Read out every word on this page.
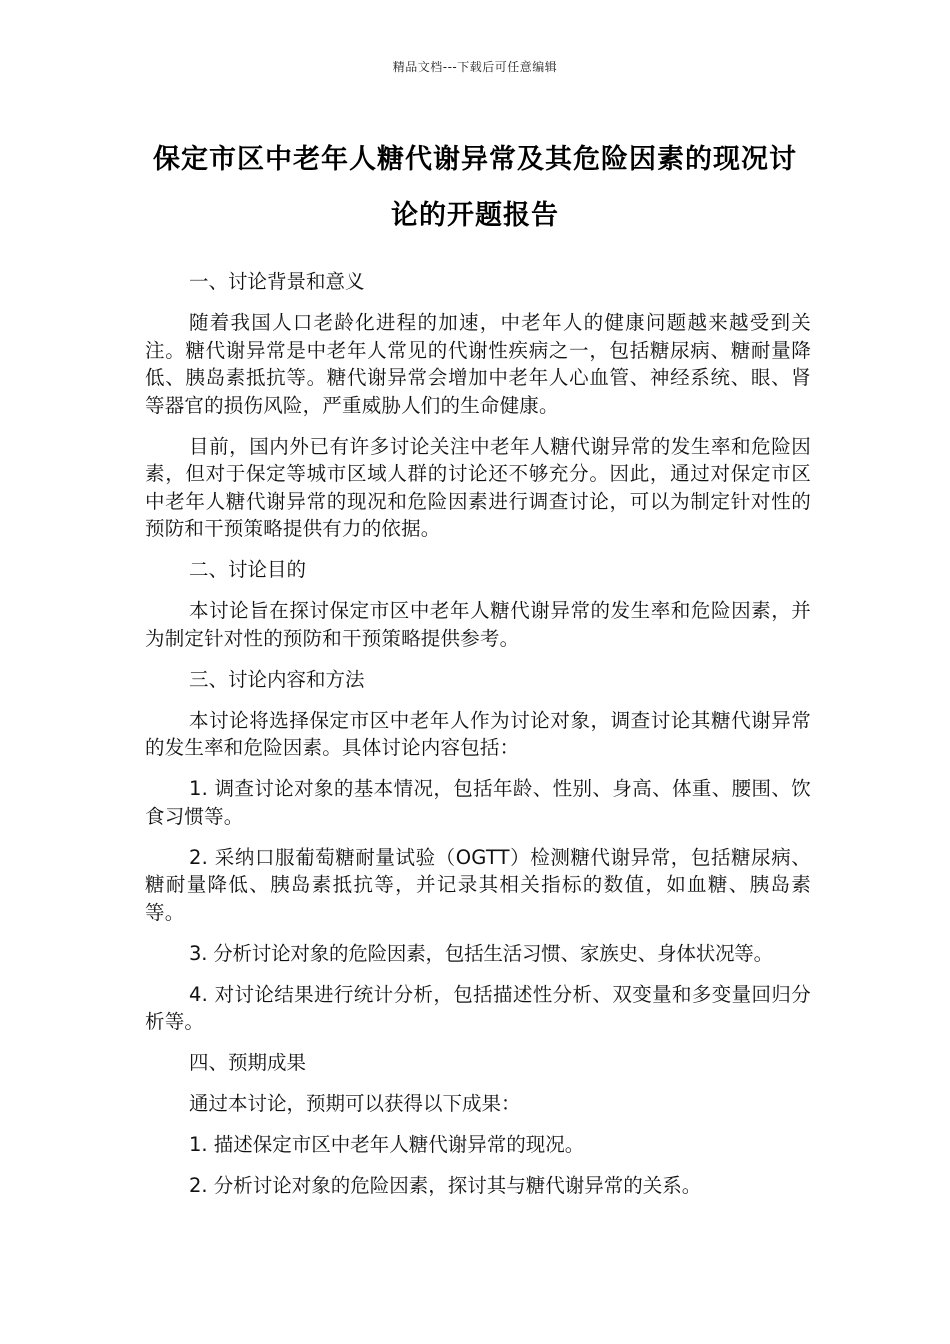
精品文档---下载后可任意编辑
保定市区中老年人糖代谢异常及其危险因素的现况讨论的开题报告
一、讨论背景和意义

随着我国人口老龄化进程的加速，中老年人的健康问题越来越受到关注。糖代谢异常是中老年人常见的代谢性疾病之一，包括糖尿病、糖耐量降低、胰岛素抵抗等。糖代谢异常会增加中老年人心血管、神经系统、眼、肾等器官的损伤风险，严重威胁人们的生命健康。

目前，国内外已有许多讨论关注中老年人糖代谢异常的发生率和危险因素，但对于保定等城市区域人群的讨论还不够充分。因此，通过对保定市区中老年人糖代谢异常的现况和危险因素进行调查讨论，可以为制定针对性的预防和干预策略提供有力的依据。

二、讨论目的

本讨论旨在探讨保定市区中老年人糖代谢异常的发生率和危险因素，并为制定针对性的预防和干预策略提供参考。

三、讨论内容和方法

本讨论将选择保定市区中老年人作为讨论对象，调查讨论其糖代谢异常的发生率和危险因素。具体讨论内容包括：

1. 调查讨论对象的基本情况，包括年龄、性别、身高、体重、腰围、饮食习惯等。

2. 采纳口服葡萄糖耐量试验（OGTT）检测糖代谢异常，包括糖尿病、糖耐量降低、胰岛素抵抗等，并记录其相关指标的数值，如血糖、胰岛素等。

3. 分析讨论对象的危险因素，包括生活习惯、家族史、身体状况等。

4. 对讨论结果进行统计分析，包括描述性分析、双变量和多变量回归分析等。

四、预期成果
通过本讨论，预期可以获得以下成果：
1. 描述保定市区中老年人糖代谢异常的现况。
2. 分析讨论对象的危险因素，探讨其与糖代谢异常的关系。
